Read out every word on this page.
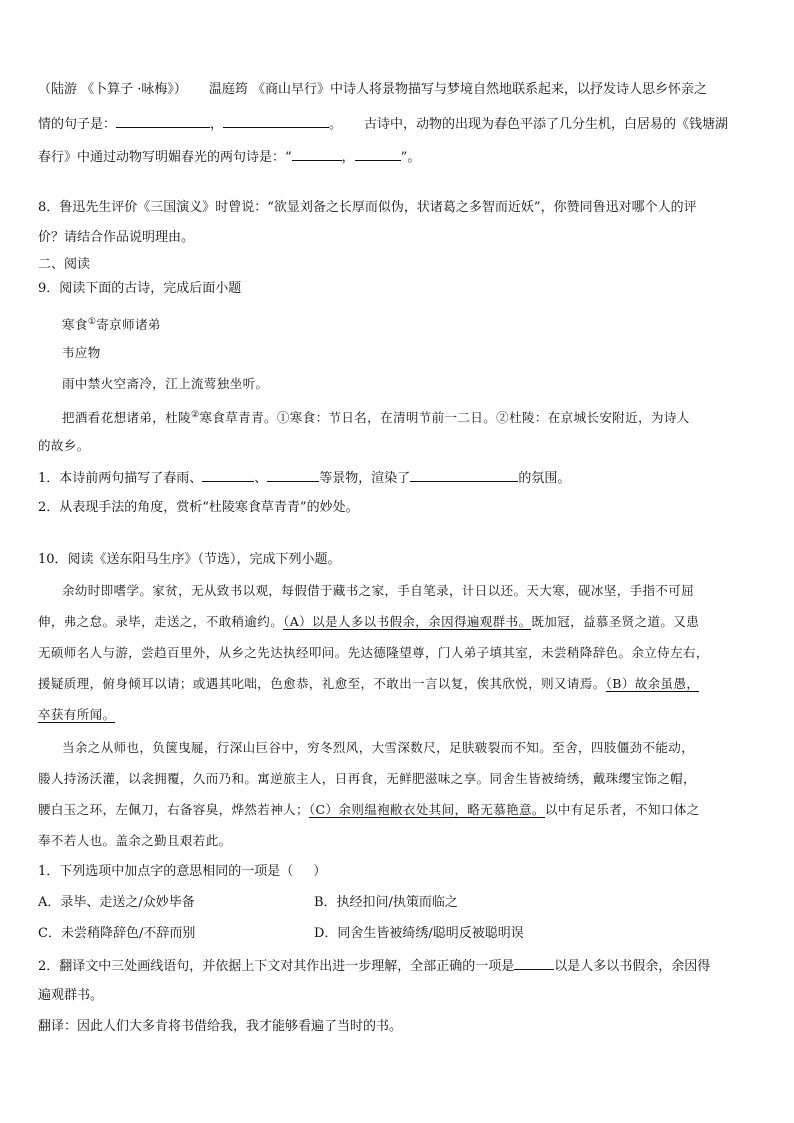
（陆游 《卜算子 ·咏梅》） 温庭筠 《商山早行》中诗人将景物描写与梦境自然地联系起来，以抒发诗人思乡怀亲之
情的句子是：	，	。 古诗中，动物的出现为春色平添了几分生机，白居易的《钱塘湖
春行》中通过动物写明媚春光的两句诗是：“	，	”。
8．鲁迅先生评价《三国演义》时曾说：“欲显刘备之长厚而似伪，状诸葛之多智而近妖”，你赞同鲁迅对哪个人的评
价？请结合作品说明理由。
二、阅读
9．阅读下面的古诗，完成后面小题
寒食①寄京师诸弟
韦应物
雨中禁火空斋冷，江上流莺独坐听。
把酒看花想诸弟，杜陵②寒食草青青。①寒食：节日名，在清明节前一二日。②杜陵：在京城长安附近，为诗人
的故乡。
1．本诗前两句描写了春雨、	、	等景物，渲染了	的氛围。
2．从表现手法的角度，赏析“杜陵寒食草青青”的妙处。
10．阅读《送东阳马生序》（节选），完成下列小题。
余幼时即嗜学。家贫，无从致书以观，每假借于藏书之家，手自笔录，计日以还。天大寒，砚冰坚，手指不可屈
伸，弗之怠。录毕，走送之，不敢稍逾约。（A）以是人多以书假余，余因得遍观群书。既加冠，益慕圣贤之道。又患
无硕师名人与游，尝趋百里外，从乡之先达执经叩问。先达德隆望尊，门人弟子填其室，未尝稍降辞色。余立侍左右，
援疑质理，俯身倾耳以请；或遇其叱咄，色愈恭，礼愈至，不敢出一言以复，俟其欣悦，则又请焉。（B）故余虽愚，
卒获有所闻。
当余之从师也，负箧曳屣，行深山巨谷中，穷冬烈风，大雪深数尺，足肤皲裂而不知。至舍，四肢僵劲不能动，
媵人持汤沃灌，以衾拥覆，久而乃和。寓逆旅主人，日再食，无鲜肥滋味之享。同舍生皆被绮绣，戴珠缨宝饰之帽，
腰白玉之环，左佩刀，右备容臭，烨然若神人；（C）余则缊袍敝衣处其间，略无慕艳意。以中有足乐者，不知口体之
奉不若人也。盖余之勤且艰若此。
1．下列选项中加点字的意思相同的一项是（ ）
A．录毕、走送之/众妙毕备	B．执经扣问/执策而临之
C．未尝稍降辞色/不辞而别	D．同舍生皆被绮绣/聪明反被聪明误
2．翻译文中三处画线语句，并依据上下文对其作出进一步理解，全部正确的一项是	以是人多以书假余，余因得
遍观群书。
翻译：因此人们大多肯将书借给我，我才能够看遍了当时的书。
